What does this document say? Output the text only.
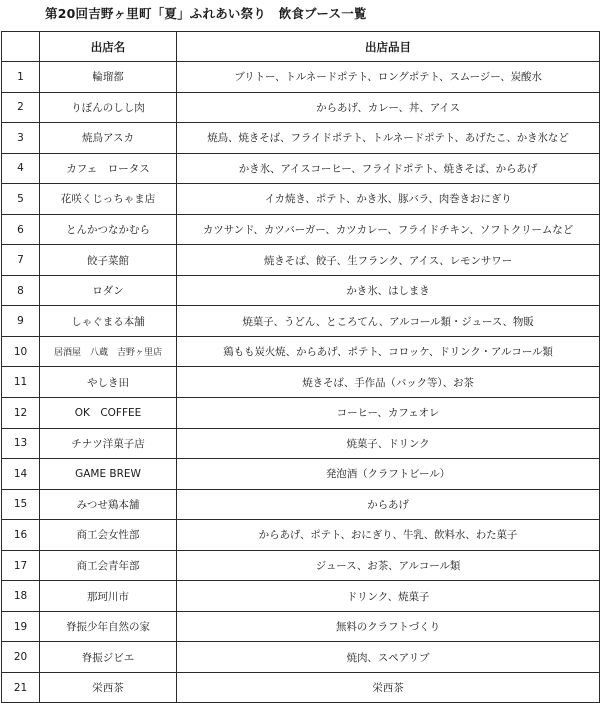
第20回吉野ヶ里町「夏」ふれあい祭り　飲食ブース一覧
	出店名	出店品目
1	輪瑠都	ブリトー、トルネードポテト、ロングポテト、スムージー、炭酸水
2	りぼんのしし肉	からあげ、カレー、丼、アイス
3	焼鳥アスカ	焼鳥、焼きそば、フライドポテト、トルネードポテト、あげたこ、かき氷など
4	カフェ　ロータス	かき氷、アイスコーヒー、フライドポテト、焼きそば、からあげ
5	花咲くじっちゃま店	イカ焼き、ポテト、かき氷、豚バラ、肉巻きおにぎり
6	とんかつなかむら	カツサンド、カツバーガー、カツカレー、フライドチキン、ソフトクリームなど
7	餃子菜館	焼きそば、餃子、生フランク、アイス、レモンサワー
8	ロダン	かき氷、はしまき
9	しゃぐまる本舗	焼菓子、うどん、ところてん、アルコール類・ジュース、物販
10	居酒屋　八蔵　吉野ヶ里店	鶏もも炭火焼、からあげ、ポテト、コロッケ、ドリンク・アルコール類
11	やしき田	焼きそば、手作品（バック等）、お茶
12	OK　COFFEE	コーヒー、カフェオレ
13	チナツ洋菓子店	焼菓子、ドリンク
14	GAME BREW	発泡酒（クラフトビール）
15	みつせ鶏本舗	からあげ
16	商工会女性部	からあげ、ポテト、おにぎり、牛乳、飲料水、わた菓子
17	商工会青年部	ジュース、お茶、アルコール類
18	那珂川市	ドリンク、焼菓子
19	脊振少年自然の家	無料のクラフトづくり
20	脊振ジビエ	焼肉、スペアリブ
21	栄西茶	栄西茶
